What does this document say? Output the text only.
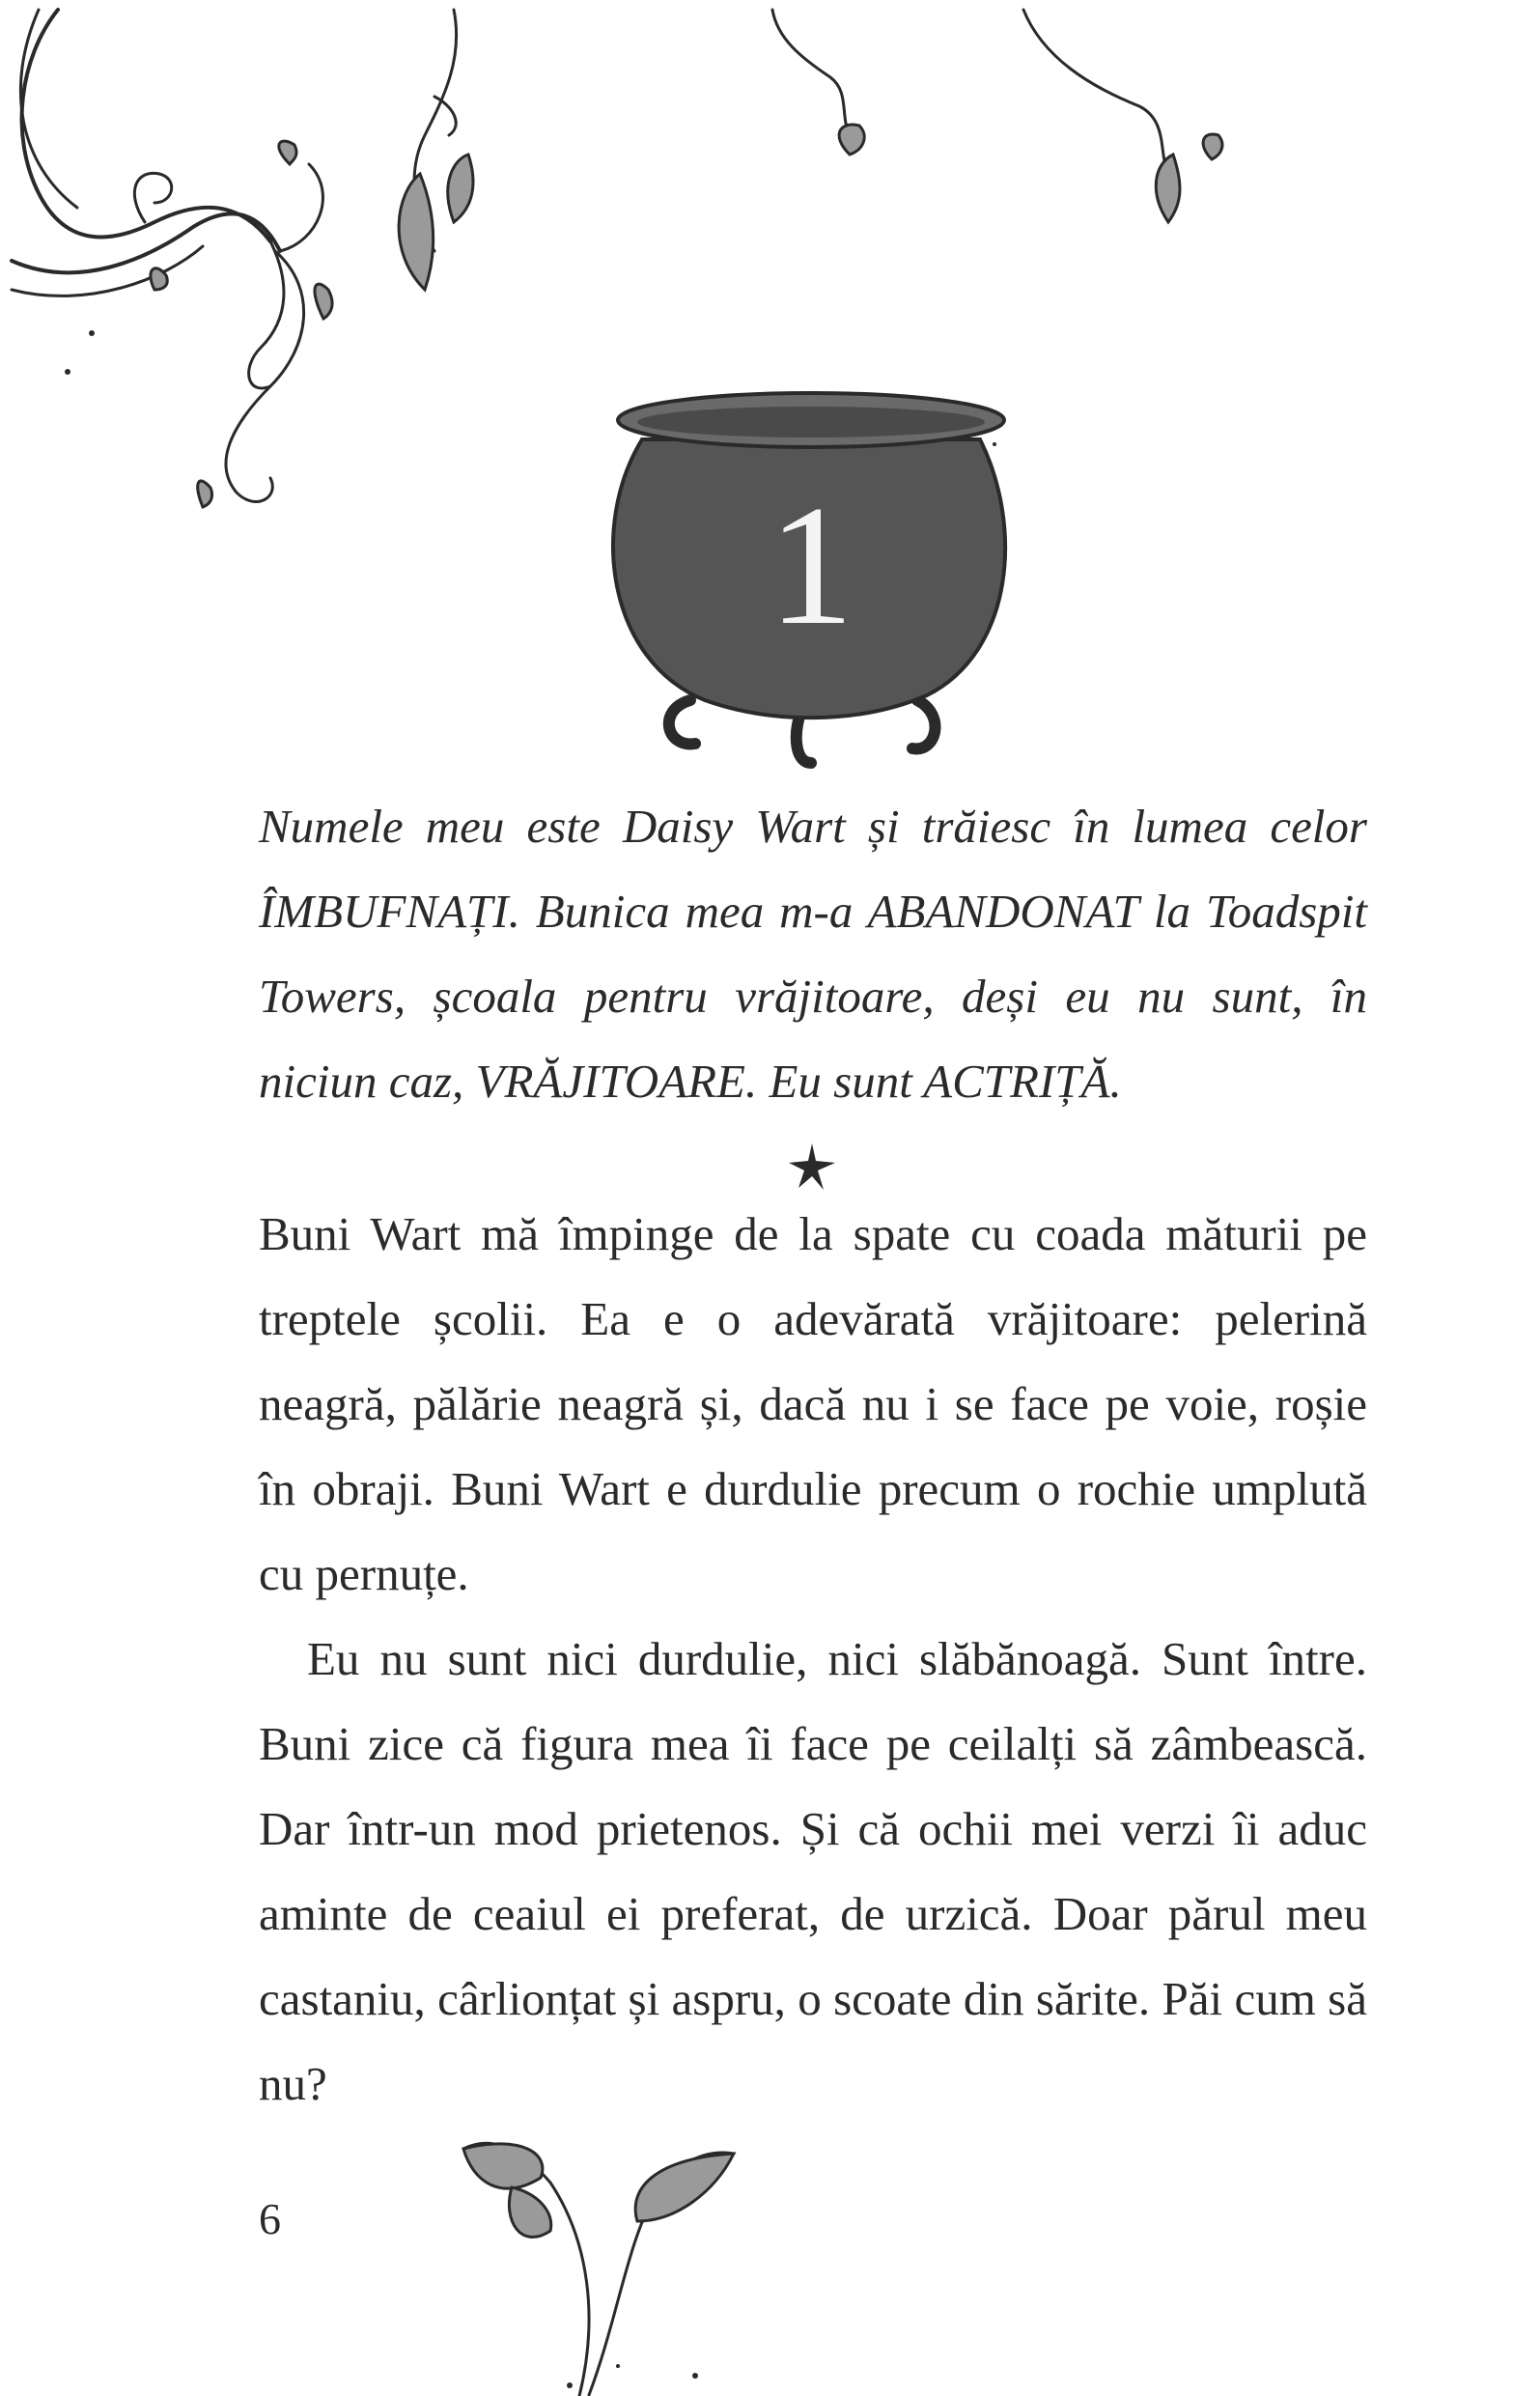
1

Numele meu este Daisy Wart și trăiesc în lumea celor ÎMBUFNAȚI. Bunica mea m-a ABANDONAT la Toadspit Towers, școala pentru vrăjitoare, deși eu nu sunt, în niciun caz, VRĂJITOARE. Eu sunt ACTRIȚĂ.

Buni Wart mă împinge de la spate cu coada măturii pe treptele școlii. Ea e o adevărată vrăjitoare: pelerină neagră, pălărie neagră și, dacă nu i se face pe voie, roșie în obraji. Buni Wart e durdulie precum o rochie umplută cu pernuțe.

Eu nu sunt nici durdulie, nici slăbănoagă. Sunt între. Buni zice că figura mea îi face pe ceilalți să zâmbească. Dar într-un mod prietenos. Și că ochii mei verzi îi aduc aminte de ceaiul ei preferat, de urzică. Doar părul meu castaniu, cârlionțat și aspru, o scoate din sărite. Păi cum să nu?

6
